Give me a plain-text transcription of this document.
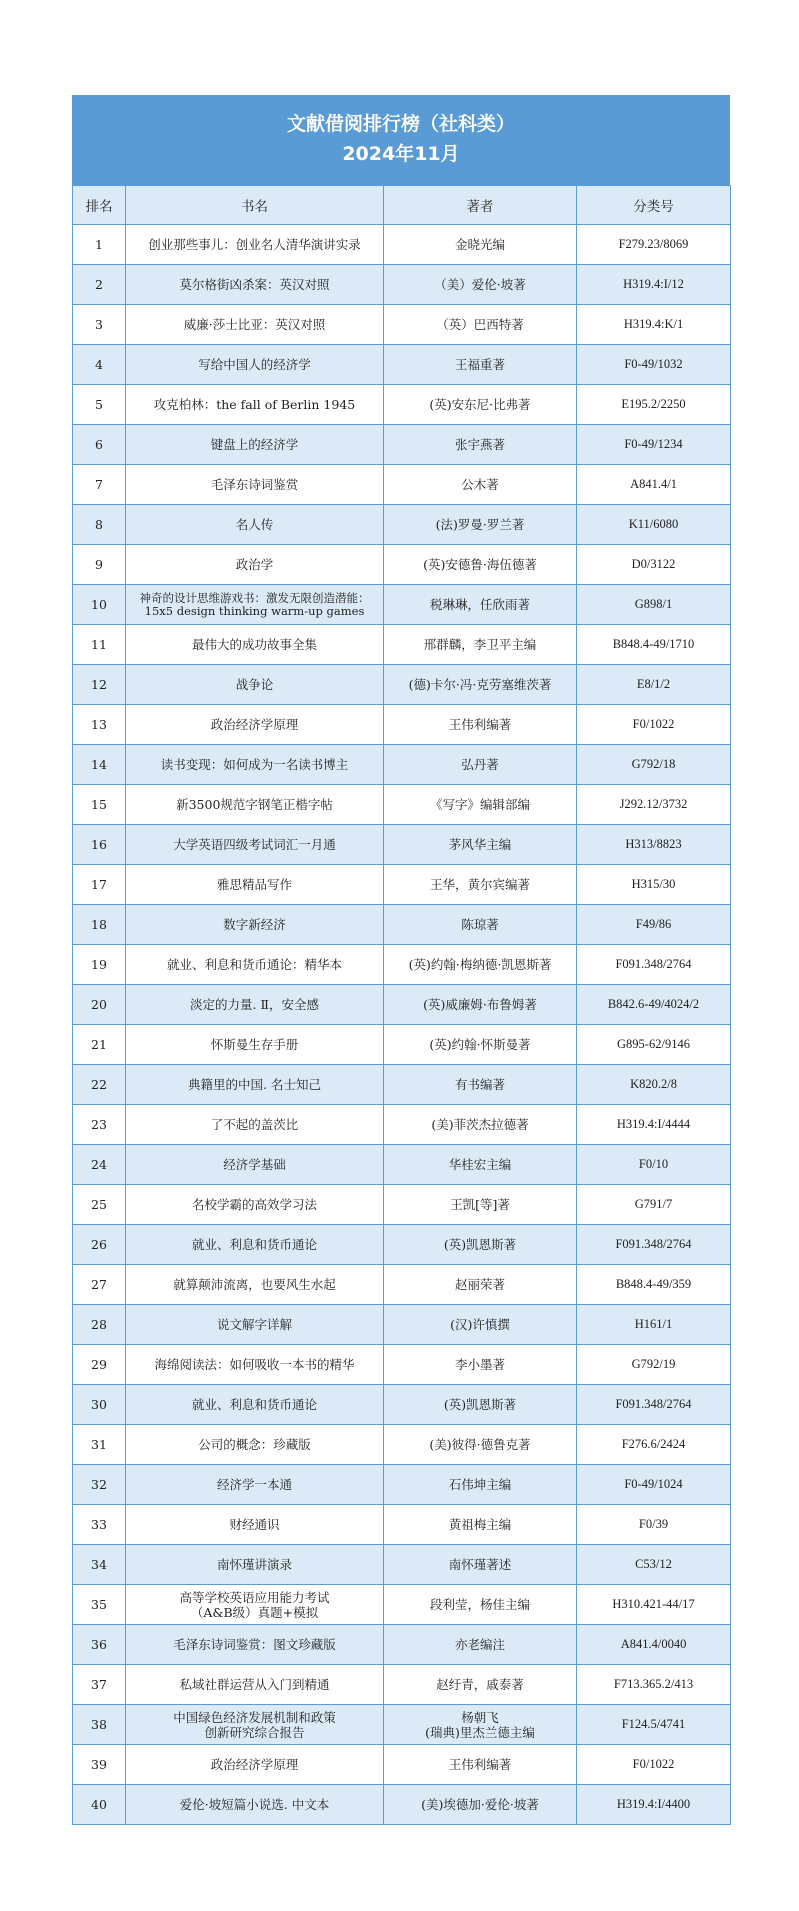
文献借阅排行榜（社科类）
2024年11月
排名	书名	著者	分类号
1	创业那些事儿：创业名人清华演讲实录	金晓光编	F279.23/8069
2	莫尔格街凶杀案：英汉对照	（美）爱伦·坡著	H319.4:I/12
3	威廉·莎士比亚：英汉对照	（英）巴西特著	H319.4:K/1
4	写给中国人的经济学	王福重著	F0-49/1032
5	攻克柏林：the fall of Berlin 1945	(英)安东尼·比弗著	E195.2/2250
6	键盘上的经济学	张宇燕著	F0-49/1234
7	毛泽东诗词鉴赏	公木著	A841.4/1
8	名人传	(法)罗曼·罗兰著	K11/6080
9	政治学	(英)安德鲁·海伍德著	D0/3122
10	神奇的设计思维游戏书：激发无限创造潜能：15x5 design thinking warm-up games	税琳琳，任欣雨著	G898/1
11	最伟大的成功故事全集	邢群麟，李卫平主编	B848.4-49/1710
12	战争论	(德)卡尔·冯·克劳塞维茨著	E8/1/2
13	政治经济学原理	王伟利编著	F0/1022
14	读书变现：如何成为一名读书博主	弘丹著	G792/18
15	新3500规范字钢笔正楷字帖	《写字》编辑部编	J292.12/3732
16	大学英语四级考试词汇一月通	茅风华主编	H313/8823
17	雅思精品写作	王华，黄尔宾编著	H315/30
18	数字新经济	陈琼著	F49/86
19	就业、利息和货币通论：精华本	(英)约翰·梅纳德·凯恩斯著	F091.348/2764
20	淡定的力量. Ⅱ，安全感	(英)威廉姆·布鲁姆著	B842.6-49/4024/2
21	怀斯曼生存手册	(英)约翰·怀斯曼著	G895-62/9146
22	典籍里的中国. 名士知己	有书编著	K820.2/8
23	了不起的盖茨比	(美)菲茨杰拉德著	H319.4:I/4444
24	经济学基础	华桂宏主编	F0/10
25	名校学霸的高效学习法	王凯[等]著	G791/7
26	就业、利息和货币通论	(英)凯恩斯著	F091.348/2764
27	就算颠沛流离，也要风生水起	赵丽荣著	B848.4-49/359
28	说文解字详解	(汉)许慎撰	H161/1
29	海绵阅读法：如何吸收一本书的精华	李小墨著	G792/19
30	就业、利息和货币通论	(英)凯恩斯著	F091.348/2764
31	公司的概念：珍藏版	(美)彼得·德鲁克著	F276.6/2424
32	经济学一本通	石伟坤主编	F0-49/1024
33	财经通识	黄祖梅主编	F0/39
34	南怀瑾讲演录	南怀瑾著述	C53/12
35	高等学校英语应用能力考试
（A&B级）真题+模拟	段利莹，杨佳主编	H310.421-44/17
36	毛泽东诗词鉴赏：图文珍藏版	亦老编注	A841.4/0040
37	私域社群运营从入门到精通	赵纡青，戚泰著	F713.365.2/413
38	中国绿色经济发展机制和政策
创新研究综合报告	杨朝飞
(瑞典)里杰兰德主编	F124.5/4741
39	政治经济学原理	王伟利编著	F0/1022
40	爱伦·坡短篇小说选. 中文本	(美)埃德加·爱伦·坡著	H319.4:I/4400
